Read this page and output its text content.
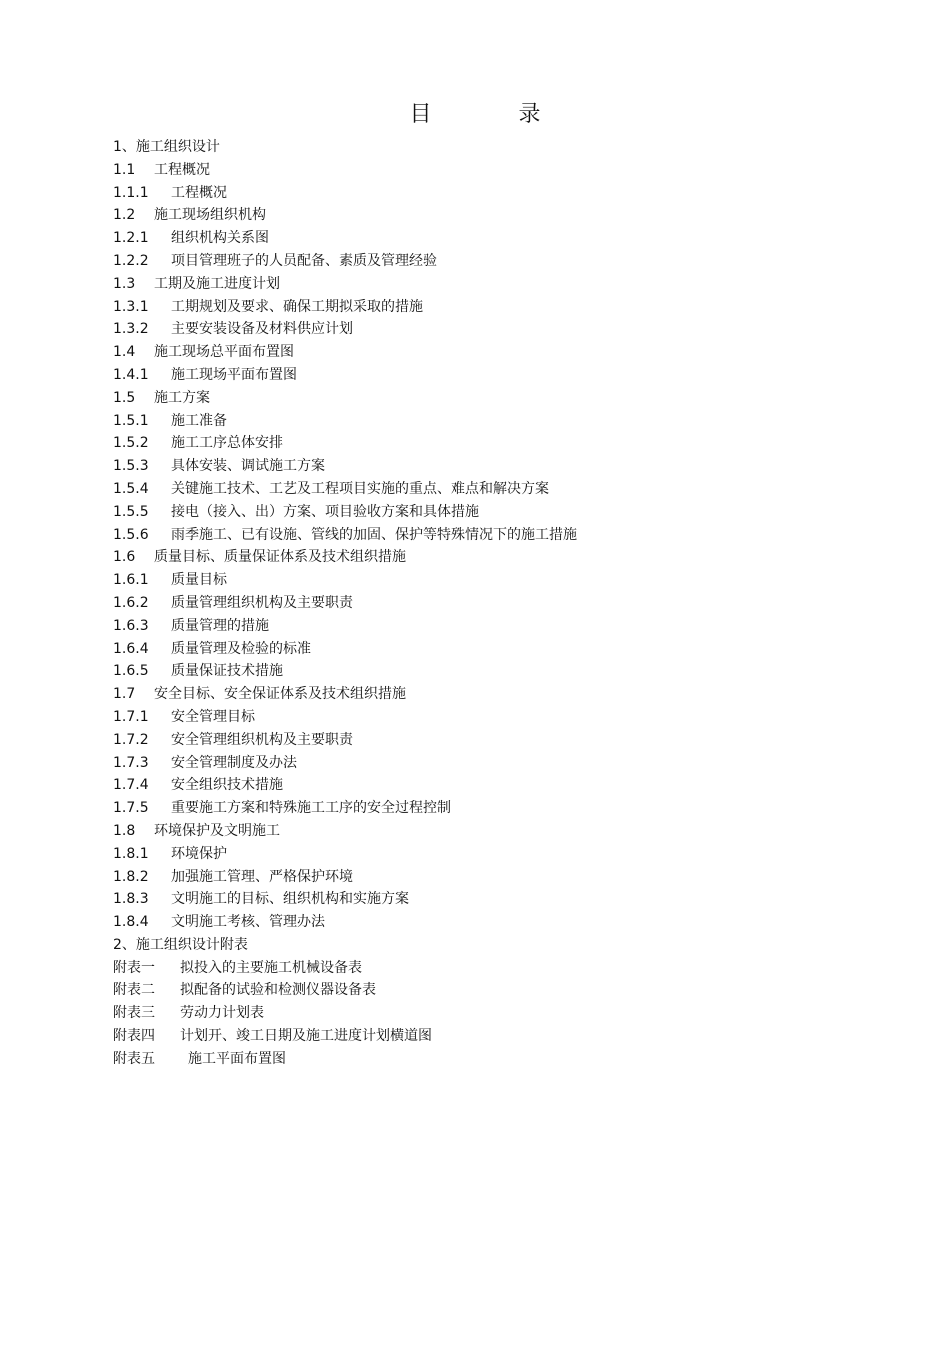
目 录
1、施工组织设计
1.1 工程概况
1.1.1 工程概况
1.2 施工现场组织机构
1.2.1 组织机构关系图
1.2.2 项目管理班子的人员配备、素质及管理经验
1.3 工期及施工进度计划
1.3.1 工期规划及要求、确保工期拟采取的措施
1.3.2 主要安装设备及材料供应计划
1.4 施工现场总平面布置图
1.4.1 施工现场平面布置图
1.5 施工方案
1.5.1 施工准备
1.5.2 施工工序总体安排
1.5.3 具体安装、调试施工方案
1.5.4 关键施工技术、工艺及工程项目实施的重点、难点和解决方案
1.5.5 接电（接入、出）方案、项目验收方案和具体措施
1.5.6 雨季施工、已有设施、管线的加固、保护等特殊情况下的施工措施
1.6 质量目标、质量保证体系及技术组织措施
1.6.1 质量目标
1.6.2 质量管理组织机构及主要职责
1.6.3 质量管理的措施
1.6.4 质量管理及检验的标准
1.6.5 质量保证技术措施
1.7 安全目标、安全保证体系及技术组织措施
1.7.1 安全管理目标
1.7.2 安全管理组织机构及主要职责
1.7.3 安全管理制度及办法
1.7.4 安全组织技术措施
1.7.5 重要施工方案和特殊施工工序的安全过程控制
1.8 环境保护及文明施工
1.8.1 环境保护
1.8.2 加强施工管理、严格保护环境
1.8.3 文明施工的目标、组织机构和实施方案
1.8.4 文明施工考核、管理办法
2、施工组织设计附表
附表一 拟投入的主要施工机械设备表
附表二 拟配备的试验和检测仪器设备表
附表三 劳动力计划表
附表四 计划开、竣工日期及施工进度计划横道图
附表五 施工平面布置图
